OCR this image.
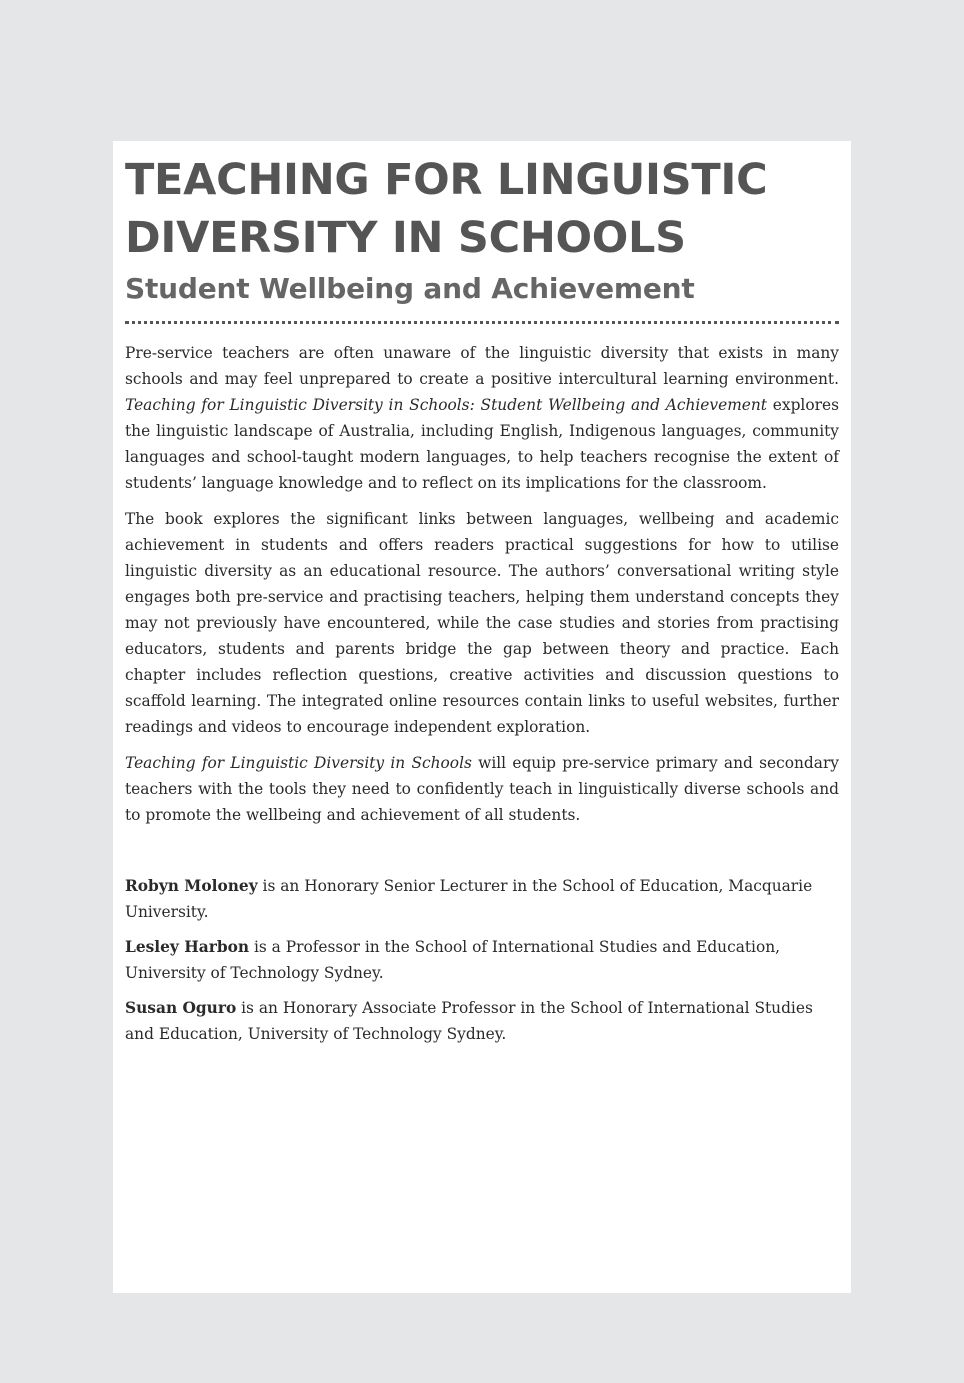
TEACHING FOR LINGUISTIC
DIVERSITY IN SCHOOLS
Student Wellbeing and Achievement

Pre-service teachers are often unaware of the linguistic diversity that exists in many schools and may feel unprepared to create a positive intercultural learning environment. Teaching for Linguistic Diversity in Schools: Student Wellbeing and Achievement explores the linguistic landscape of Australia, including English, Indigenous languages, community languages and school-taught modern languages, to help teachers recognise the extent of students’ language knowledge and to reflect on its implications for the classroom.

The book explores the significant links between languages, wellbeing and academic achievement in students and offers readers practical suggestions for how to utilise linguistic diversity as an educational resource. The authors’ conversational writing style engages both pre-service and practising teachers, helping them understand concepts they may not previously have encountered, while the case studies and stories from practising educators, students and parents bridge the gap between theory and practice. Each chapter includes reflection questions, creative activities and discussion questions to scaffold learning. The integrated online resources contain links to useful websites, further readings and videos to encourage independent exploration.

Teaching for Linguistic Diversity in Schools will equip pre-service primary and secondary teachers with the tools they need to confidently teach in linguistically diverse schools and to promote the wellbeing and achievement of all students.

Robyn Moloney is an Honorary Senior Lecturer in the School of Education, Macquarie University.

Lesley Harbon is a Professor in the School of International Studies and Education, University of Technology Sydney.

Susan Oguro is an Honorary Associate Professor in the School of International Studies and Education, University of Technology Sydney.
